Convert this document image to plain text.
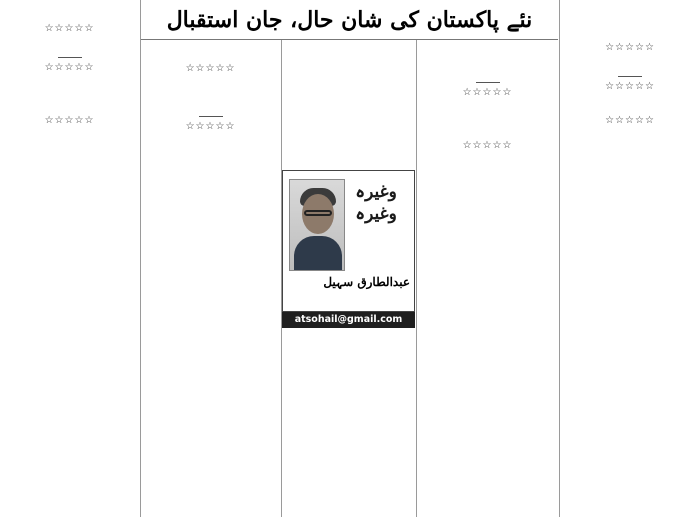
نئے پاکستان کی شان حال، جان استقبال

☆☆☆☆☆

☆☆☆☆☆

☆☆☆☆☆

☆☆☆☆☆

☆☆☆☆☆

وغیرہ
وغیرہ
عبدالطارق سہیل
atsohail@gmail.com

☆☆☆☆☆

☆☆☆☆☆

☆☆☆☆☆

☆☆☆☆☆

☆☆☆☆☆
